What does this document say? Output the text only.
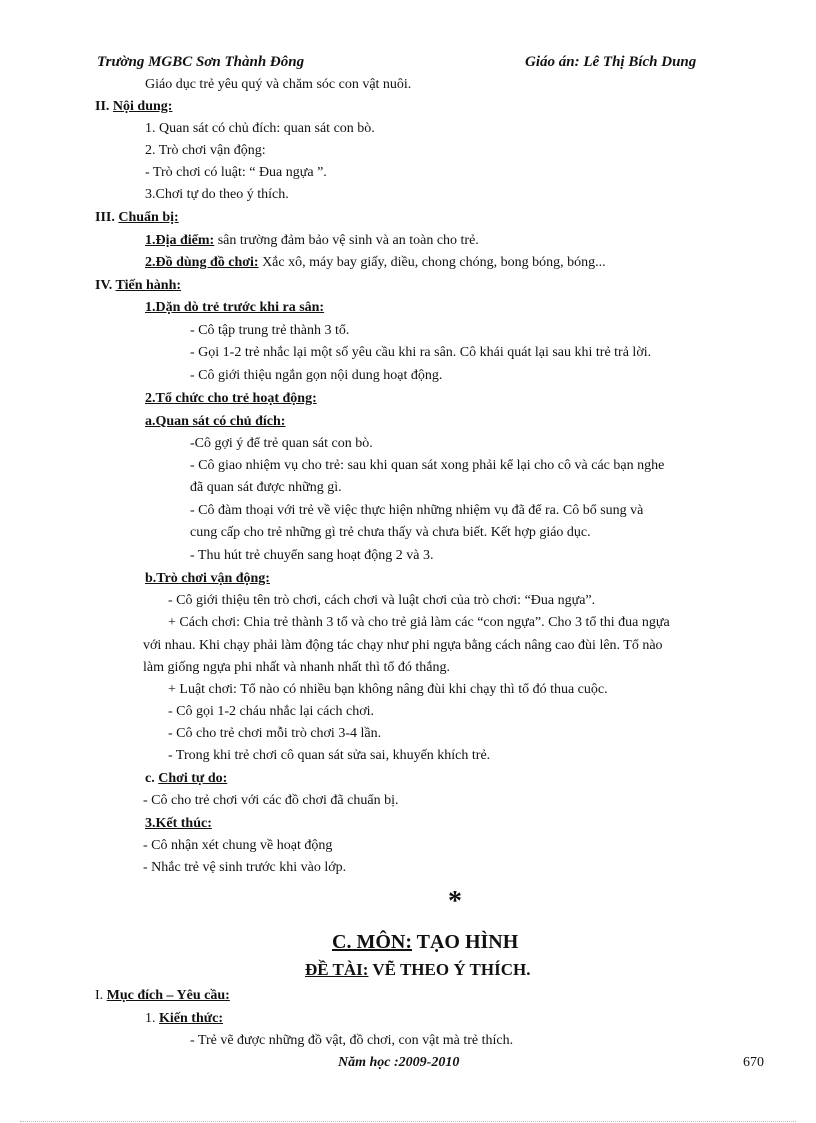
Trường MGBC Sơn Thành Đông	Giáo án: Lê Thị Bích Dung
Giáo dục trẻ yêu quý và chăm sóc con vật nuôi.
II. Nội dung:
1. Quan sát có chủ đích: quan sát con bò.
2. Trò chơi vận động:
- Trò chơi có luật: “ Đua ngựa ”.
3.Chơi tự do theo ý thích.
III. Chuẩn bị:
1.Địa điểm: sân trường đảm bảo vệ sinh và an toàn cho trẻ.
2.Đồ dùng đồ chơi: Xắc xô, máy bay giấy, diều, chong chóng, bong bóng, bóng...
IV. Tiến hành:
1.Dặn dò trẻ trước khi ra sân:
- Cô tập trung trẻ thành 3 tổ.
- Gọi 1-2 trẻ nhắc lại một số yêu cầu khi ra sân. Cô khái quát lại sau khi trẻ trả lời.
- Cô giới thiệu ngắn gọn nội dung hoạt động.
2.Tổ chức cho trẻ hoạt động:
a.Quan sát có chủ đích:
-Cô gợi ý để trẻ quan sát con bò.
- Cô giao nhiệm vụ cho trẻ: sau khi quan sát xong phải kể lại cho cô và các bạn nghe
đã quan sát được những gì.
- Cô đàm thoại với trẻ về việc thực hiện những nhiệm vụ đã để ra. Cô bổ sung và
cung cấp cho trẻ những gì trẻ chưa thấy và chưa biết. Kết hợp giáo dục.
- Thu hút trẻ chuyển sang hoạt động 2 và 3.
b.Trò chơi vận động:
- Cô giới thiệu tên trò chơi, cách chơi và luật chơi của trò chơi: “Đua ngựa”.
+ Cách chơi: Chia trẻ thành 3 tổ và cho trẻ giả làm các “con ngựa”. Cho 3 tổ thi đua ngựa
với nhau. Khi chạy phải làm động tác chạy như phi ngựa bằng cách nâng cao đùi lên. Tổ nào
làm giống ngựa phi nhất và nhanh nhất thì tổ đó thắng.
+ Luật chơi: Tổ nào có nhiều bạn không nâng đùi khi chạy thì tổ đó thua cuộc.
- Cô gọi 1-2 cháu nhắc lại cách chơi.
- Cô cho trẻ chơi mỗi trò chơi 3-4 lần.
- Trong khi trẻ chơi cô quan sát sửa sai, khuyến khích trẻ.
c. Chơi tự do:
- Cô cho trẻ chơi với các đồ chơi đã chuẩn bị.
3.Kết thúc:
- Cô nhận xét chung về hoạt động
- Nhắc trẻ vệ sinh trước khi vào lớp.
*
C. MÔN: TẠO HÌNH
ĐỀ TÀI: VẼ THEO Ý THÍCH.
I. Mục đích – Yêu cầu:
1. Kiến thức:
- Trẻ vẽ được những đồ vật, đồ chơi, con vật mà trẻ thích.
Năm học :2009-2010	670
